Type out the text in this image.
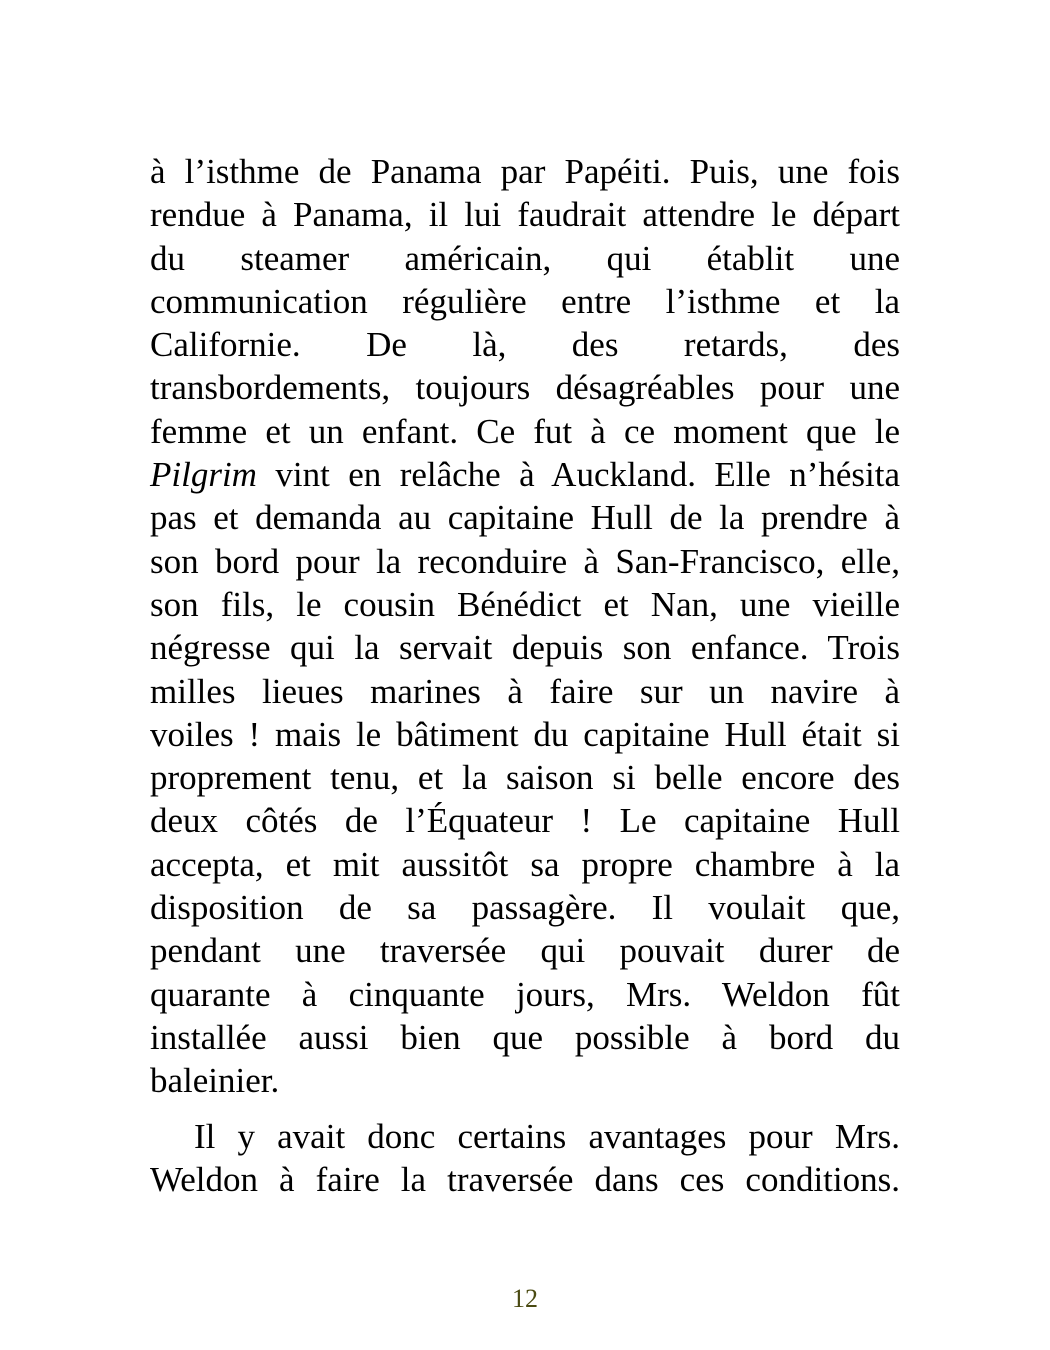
à l’isthme de Panama par Papéiti. Puis, une fois
rendue à Panama, il lui faudrait attendre le départ
du steamer américain, qui établit une
communication régulière entre l’isthme et la
Californie. De là, des retards, des
transbordements, toujours désagréables pour une
femme et un enfant. Ce fut à ce moment que le
Pilgrim vint en relâche à Auckland. Elle n’hésita
pas et demanda au capitaine Hull de la prendre à
son bord pour la reconduire à San-Francisco, elle,
son fils, le cousin Bénédict et Nan, une vieille
négresse qui la servait depuis son enfance. Trois
milles lieues marines à faire sur un navire à
voiles ! mais le bâtiment du capitaine Hull était si
proprement tenu, et la saison si belle encore des
deux côtés de l’Équateur ! Le capitaine Hull
accepta, et mit aussitôt sa propre chambre à la
disposition de sa passagère. Il voulait que,
pendant une traversée qui pouvait durer de
quarante à cinquante jours, Mrs. Weldon fût
installée aussi bien que possible à bord du
baleinier.
Il y avait donc certains avantages pour Mrs.
Weldon à faire la traversée dans ces conditions.
12
